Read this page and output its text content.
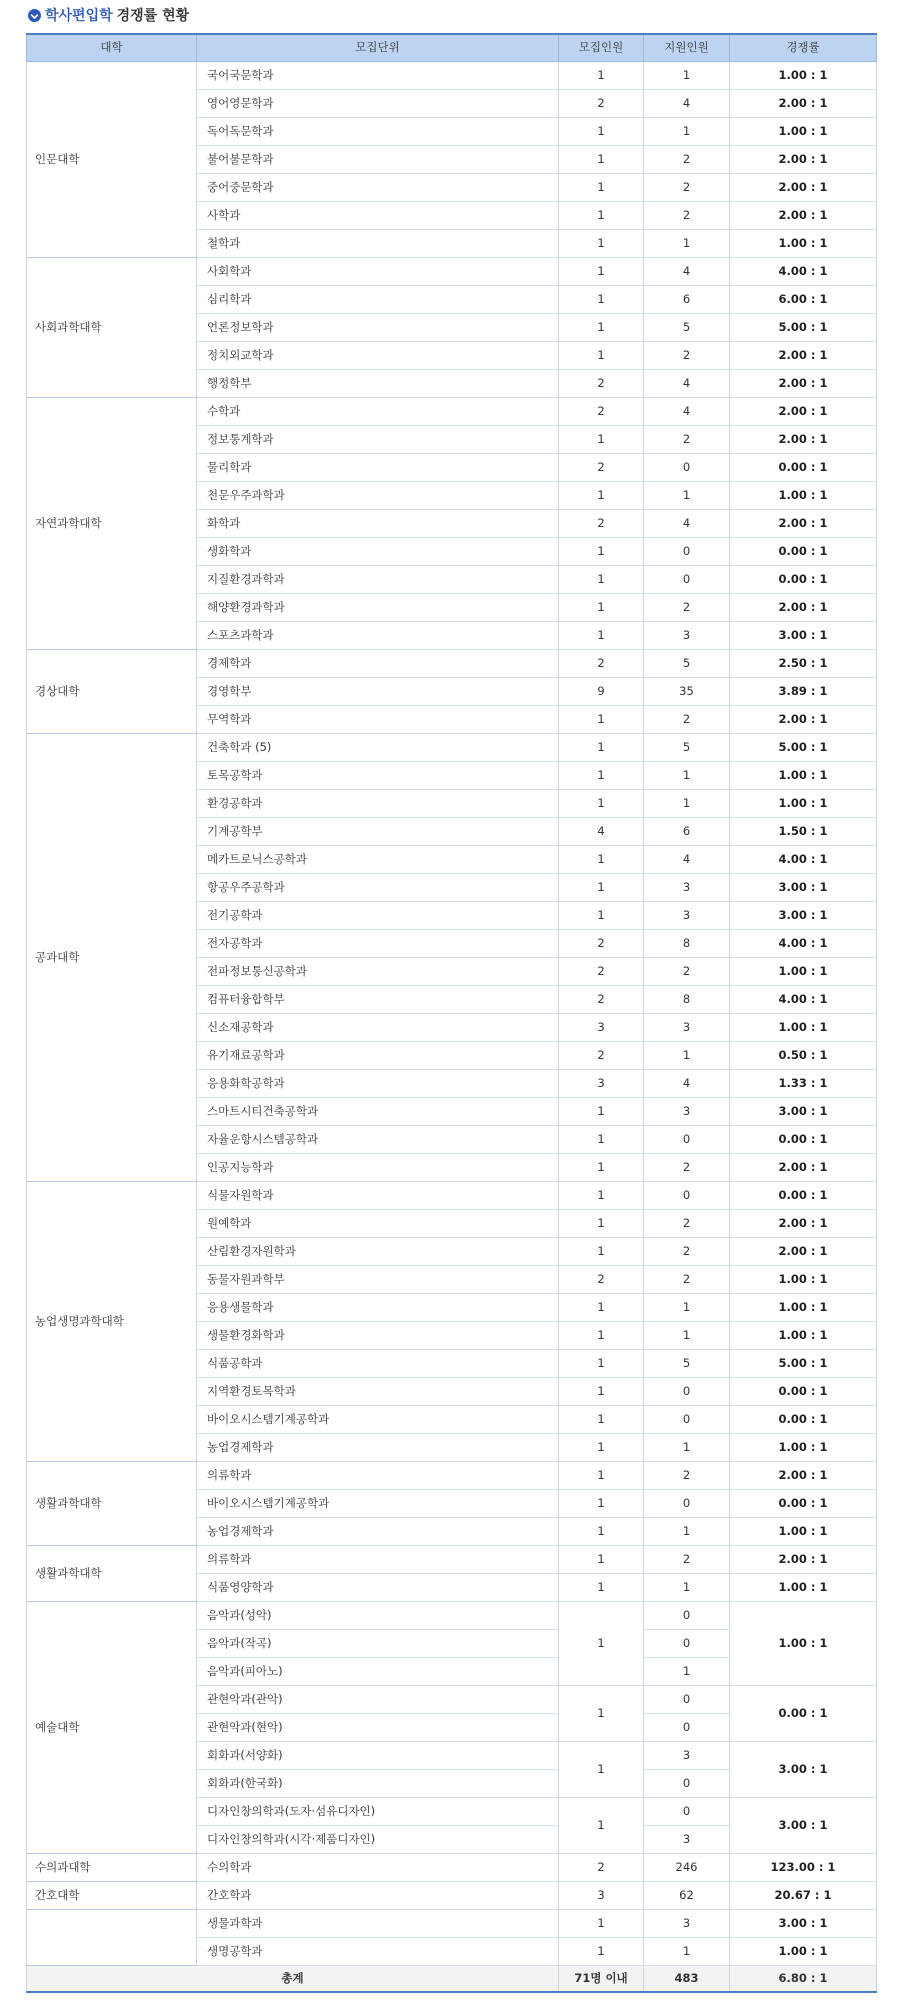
학사편입학 경쟁률 현황
대학	모집단위	모집인원	지원인원	경쟁률
인문대학	국어국문학과	1	1	1.00 : 1
	영어영문학과	2	4	2.00 : 1
	독어독문학과	1	1	1.00 : 1
	불어불문학과	1	2	2.00 : 1
	중어중문학과	1	2	2.00 : 1
	사학과	1	2	2.00 : 1
	철학과	1	1	1.00 : 1
사회과학대학	사회학과	1	4	4.00 : 1
	심리학과	1	6	6.00 : 1
	언론정보학과	1	5	5.00 : 1
	정치외교학과	1	2	2.00 : 1
	행정학부	2	4	2.00 : 1
자연과학대학	수학과	2	4	2.00 : 1
	정보통계학과	1	2	2.00 : 1
	물리학과	2	0	0.00 : 1
	천문우주과학과	1	1	1.00 : 1
	화학과	2	4	2.00 : 1
	생화학과	1	0	0.00 : 1
	지질환경과학과	1	0	0.00 : 1
	해양환경과학과	1	2	2.00 : 1
	스포츠과학과	1	3	3.00 : 1
경상대학	경제학과	2	5	2.50 : 1
	경영학부	9	35	3.89 : 1
	무역학과	1	2	2.00 : 1
공과대학	건축학과 (5)	1	5	5.00 : 1
	토목공학과	1	1	1.00 : 1
	환경공학과	1	1	1.00 : 1
	기계공학부	4	6	1.50 : 1
	메카트로닉스공학과	1	4	4.00 : 1
	항공우주공학과	1	3	3.00 : 1
	전기공학과	1	3	3.00 : 1
	전자공학과	2	8	4.00 : 1
	전파정보통신공학과	2	2	1.00 : 1
	컴퓨터융합학부	2	8	4.00 : 1
	신소재공학과	3	3	1.00 : 1
	유기재료공학과	2	1	0.50 : 1
	응용화학공학과	3	4	1.33 : 1
	스마트시티건축공학과	1	3	3.00 : 1
	자율운항시스템공학과	1	0	0.00 : 1
	인공지능학과	1	2	2.00 : 1
농업생명과학대학	식물자원학과	1	0	0.00 : 1
	원예학과	1	2	2.00 : 1
	산림환경자원학과	1	2	2.00 : 1
	동물자원과학부	2	2	1.00 : 1
	응용생물학과	1	1	1.00 : 1
	생물환경화학과	1	1	1.00 : 1
	식품공학과	1	5	5.00 : 1
	지역환경토목학과	1	0	0.00 : 1
	바이오시스템기계공학과	1	0	0.00 : 1
	농업경제학과	1	1	1.00 : 1
생활과학대학	의류학과	1	2	2.00 : 1
	바이오시스템기계공학과	1	0	0.00 : 1
	농업경제학과	1	1	1.00 : 1
생활과학대학	의류학과	1	2	2.00 : 1
	식품영양학과	1	1	1.00 : 1
예술대학	음악과(성악)	1	0	1.00 : 1
	음악과(작곡)		0	
	음악과(피아노)		1	
	관현악과(관악)	1	0	0.00 : 1
	관현악과(현악)		0	
	회화과(서양화)	1	3	3.00 : 1
	회화과(한국화)		0	
	디자인창의학과(도자·섬유디자인)	1	0	3.00 : 1
	디자인창의학과(시각·제품디자인)		3	
수의과대학	수의학과	2	246	123.00 : 1
간호대학	간호학과	3	62	20.67 : 1
	생물과학과	1	3	3.00 : 1
	생명공학과	1	1	1.00 : 1
총계		71명 이내	483	6.80 : 1
